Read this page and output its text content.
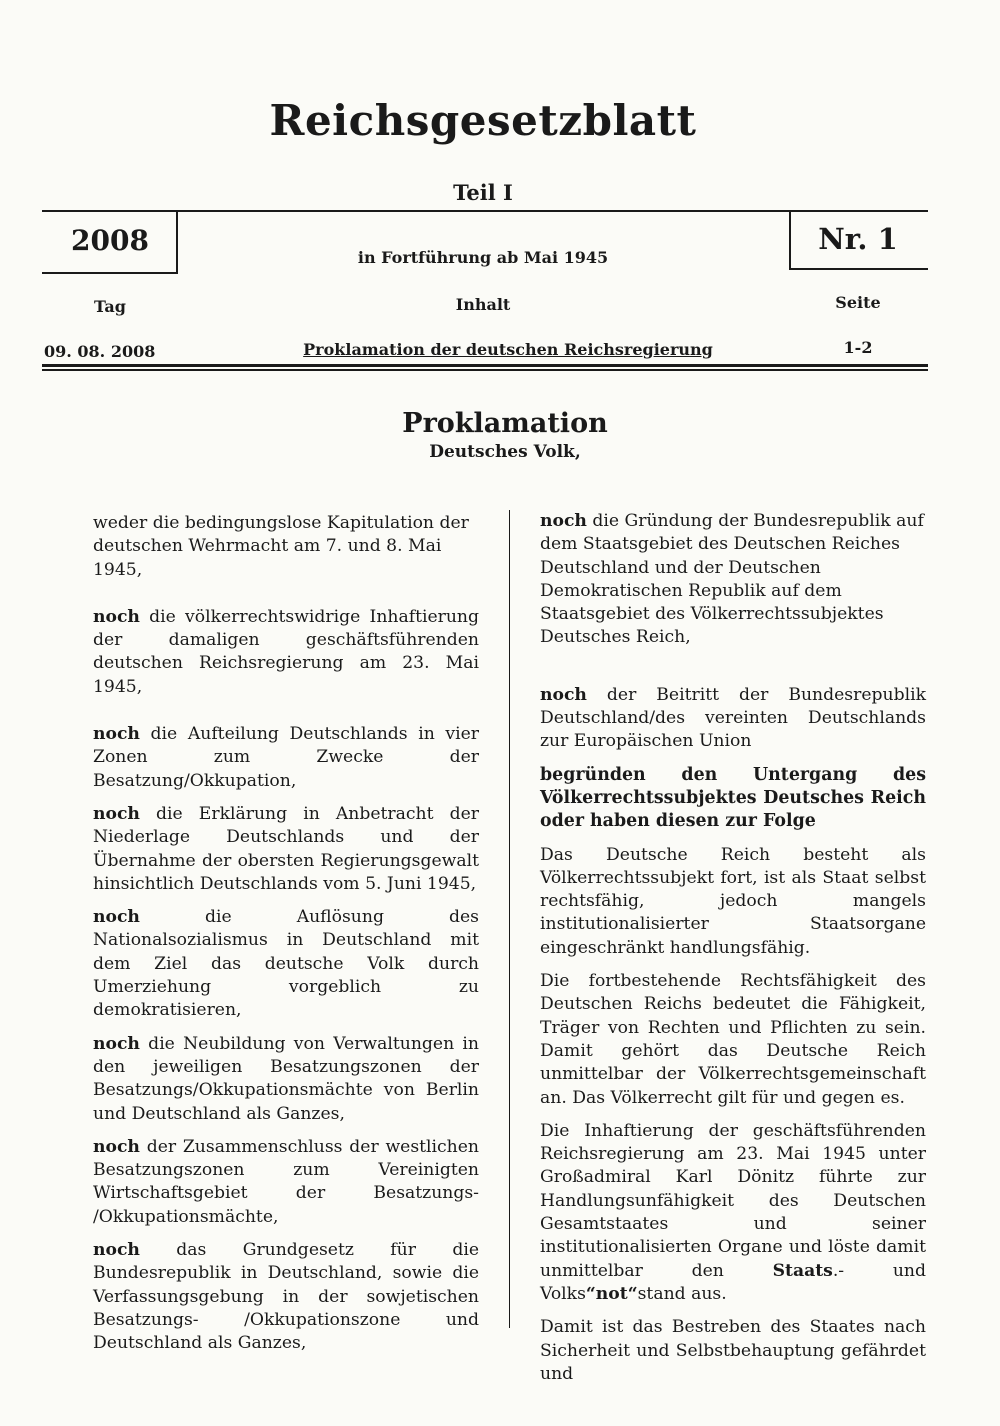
Reichsgesetzblatt
Teil I
2008
in Fortführung ab Mai 1945
Nr. 1
Tag	Inhalt	Seite
09. 08. 2008	Proklamation der deutschen Reichsregierung	1-2
Proklamation
Deutsches Volk,

weder die bedingungslose Kapitulation der deutschen Wehrmacht am 7. und 8. Mai 1945,

noch die völkerrechtswidrige Inhaftierung der damaligen geschäftsführenden deutschen Reichsregierung am 23. Mai 1945,

noch die Aufteilung Deutschlands in vier Zonen zum Zwecke der Besatzung/Okkupation,

noch die Erklärung in Anbetracht der Niederlage Deutschlands und der Übernahme der obersten Regierungsgewalt hinsichtlich Deutschlands vom 5. Juni 1945,

noch die Auflösung des Nationalsozialismus in Deutschland mit dem Ziel das deutsche Volk durch Umerziehung vorgeblich zu demokratisieren,

noch die Neubildung von Verwaltungen in den jeweiligen Besatzungszonen der Besatzungs/Okkupationsmächte von Berlin und Deutschland als Ganzes,

noch der Zusammenschluss der westlichen Besatzungszonen zum Vereinigten Wirtschaftsgebiet der Besatzungs- /Okkupationsmächte,

noch das Grundgesetz für die Bundesrepublik in Deutschland, sowie die Verfassungsgebung in der sowjetischen Besatzungs- /Okkupationszone und Deutschland als Ganzes,

noch die Gründung der Bundesrepublik auf dem Staatsgebiet des Deutschen Reiches Deutschland und der Deutschen Demokratischen Republik auf dem Staatsgebiet des Völkerrechtssubjektes Deutsches Reich,

noch der Beitritt der Bundesrepublik Deutschland/des vereinten Deutschlands zur Europäischen Union

begründen den Untergang des Völkerrechtssubjektes Deutsches Reich oder haben diesen zur Folge

Das Deutsche Reich besteht als Völkerrechtssubjekt fort, ist als Staat selbst rechtsfähig, jedoch mangels institutionalisierter Staatsorgane eingeschränkt handlungsfähig.

Die fortbestehende Rechtsfähigkeit des Deutschen Reichs bedeutet die Fähigkeit, Träger von Rechten und Pflichten zu sein. Damit gehört das Deutsche Reich unmittelbar der Völkerrechtsgemeinschaft an. Das Völkerrecht gilt für und gegen es.

Die Inhaftierung der geschäftsführenden Reichsregierung am 23. Mai 1945 unter Großadmiral Karl Dönitz führte zur Handlungsunfähigkeit des Deutschen Gesamtstaates und seiner institutionalisierten Organe und löste damit unmittelbar den Staats.- und Volks“not“stand aus.

Damit ist das Bestreben des Staates nach Sicherheit und Selbstbehauptung gefährdet und
